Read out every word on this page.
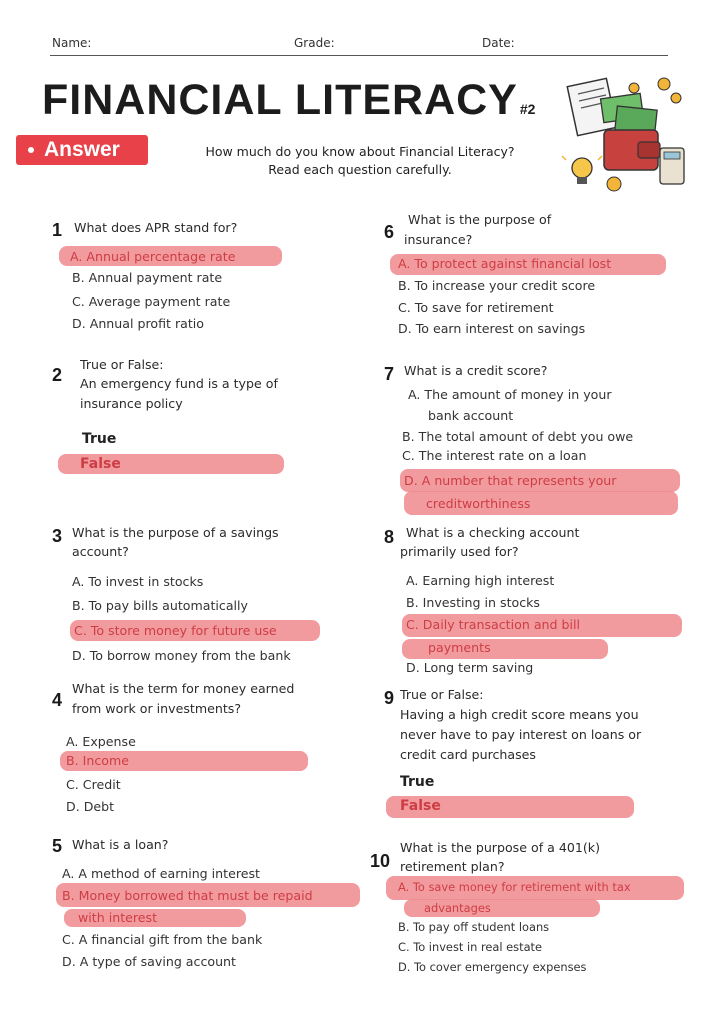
Name:	Grade:	Date:
FINANCIAL LITERACY #2
Answer	How much do you know about Financial Literacy?
Read each question carefully.
1 What does APR stand for?
A. Annual percentage rate
B. Annual payment rate
C. Average payment rate
D. Annual profit ratio
2
True or False:
An emergency fund is a type of
insurance policy
True
False
3 What is the purpose of a savings
account?
A. To invest in stocks
B. To pay bills automatically
C. To store money for future use
D. To borrow money from the bank
4
What is the term for money earned
from work or investments?
A. Expense
B. Income
C. Credit
D. Debt
5 What is a loan?
A. A method of earning interest
B. Money borrowed that must be repaid
with interest
C. A financial gift from the bank
D. A type of saving account
6
What is the purpose of
insurance?
A. To protect against financial lost
B. To increase your credit score
C. To save for retirement
D. To earn interest on savings
7 What is a credit score?
A. The amount of money in your
bank account
B. The total amount of debt you owe
C. The interest rate on a loan
D. A number that represents your
creditworthiness
8 What is a checking account
primarily used for?
A. Earning high interest
B. Investing in stocks
C. Daily transaction and bill
payments
D. Long term saving
9 True or False:
Having a high credit score means you
never have to pay interest on loans or
credit card purchases
True
False
10
What is the purpose of a 401(k)
retirement plan?
A. To save money for retirement with tax
advantages
B. To pay off student loans
C. To invest in real estate
D. To cover emergency expenses
